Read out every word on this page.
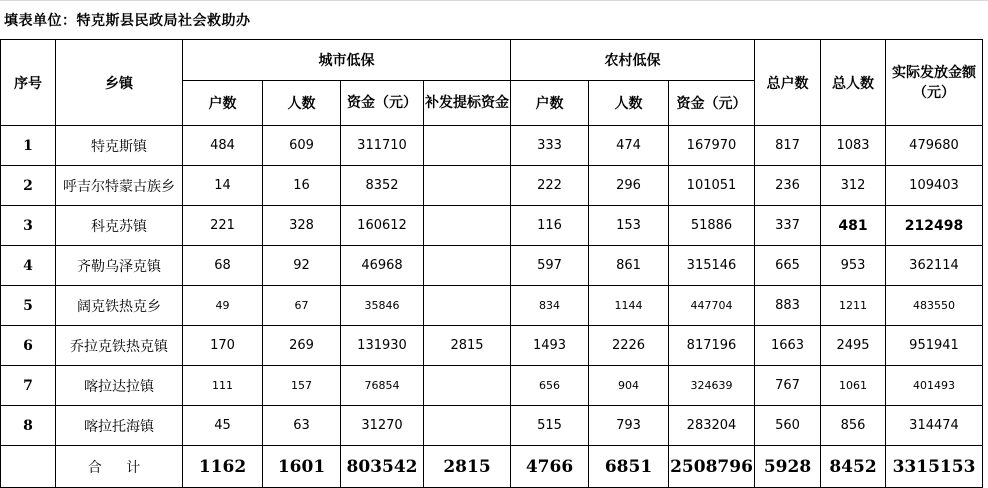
填表单位：特克斯县民政局社会救助办
序号	乡镇	城市低保				农村低保			总户数	总人数	实际发放金额（元）
		户数	人数	资金（元）	补发提标资金	户数	人数	资金（元）			
1	特克斯镇	484	609	311710		333	474	167970	817	1083	479680
2	呼吉尔特蒙古族乡	14	16	8352		222	296	101051	236	312	109403
3	科克苏镇	221	328	160612		116	153	51886	337	481	212498
4	齐勒乌泽克镇	68	92	46968		597	861	315146	665	953	362114
5	阔克铁热克乡	49	67	35846		834	1144	447704	883	1211	483550
6	乔拉克铁热克镇	170	269	131930	2815	1493	2226	817196	1663	2495	951941
7	喀拉达拉镇	111	157	76854		656	904	324639	767	1061	401493
8	喀拉托海镇	45	63	31270		515	793	283204	560	856	314474
	合 计	1162	1601	803542	2815	4766	6851	2508796	5928	8452	3315153
